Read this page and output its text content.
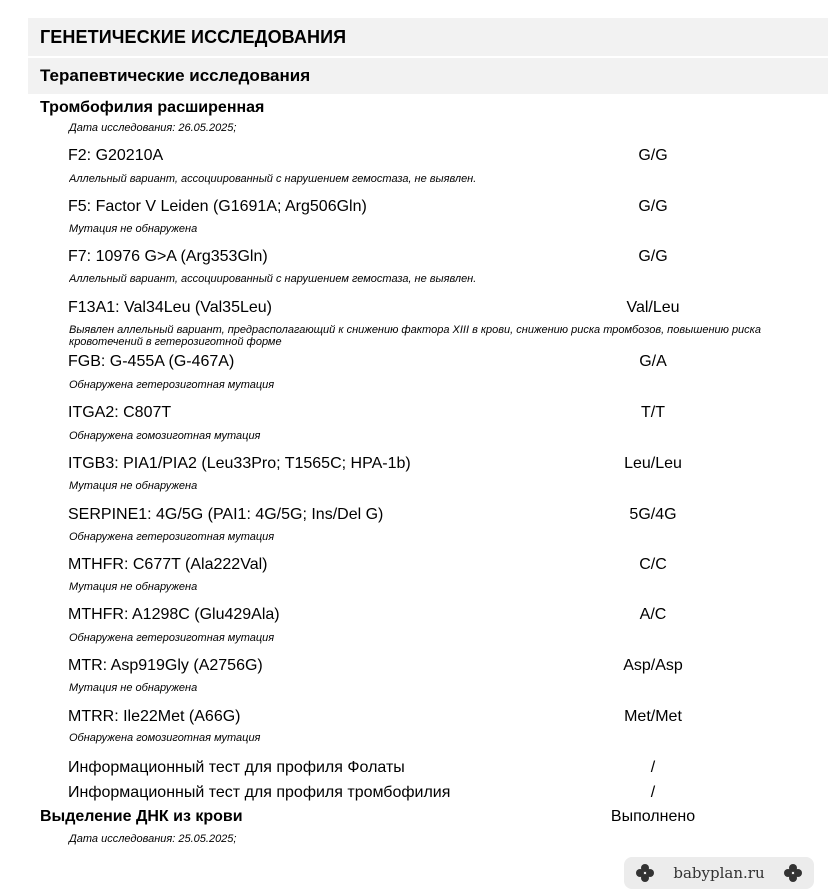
ГЕНЕТИЧЕСКИЕ ИССЛЕДОВАНИЯ
Терапевтические исследования
Тромбофилия расширенная
Дата исследования: 26.05.2025;
F2: G20210A	G/G
Аллельный вариант, ассоциированный с нарушением гемостаза, не выявлен.
F5: Factor V Leiden (G1691A; Arg506Gln)	G/G
Мутация не обнаружена
F7: 10976 G>A (Arg353Gln)	G/G
Аллельный вариант, ассоциированный с нарушением гемостаза, не выявлен.
F13A1: Val34Leu (Val35Leu)	Val/Leu
Выявлен аллельный вариант, предрасполагающий к снижению фактора XIII в крови, снижению риска тромбозов, повышению риска кровотечений в гетерозиготной форме
FGB: G-455A (G-467A)	G/A
Обнаружена гетерозиготная мутация
ITGA2: C807T	T/T
Обнаружена гомозиготная мутация
ITGB3: PIA1/PIA2 (Leu33Pro; T1565C; HPA-1b)	Leu/Leu
Мутация не обнаружена
SERPINE1: 4G/5G (PAI1: 4G/5G; Ins/Del G)	5G/4G
Обнаружена гетерозиготная мутация
MTHFR: C677T (Ala222Val)	C/C
Мутация не обнаружена
MTHFR: A1298C (Glu429Ala)	A/C
Обнаружена гетерозиготная мутация
MTR: Asp919Gly (A2756G)	Asp/Asp
Мутация не обнаружена
MTRR: Ile22Met (A66G)	Met/Met
Обнаружена гомозиготная мутация
Информационный тест для профиля Фолаты	/
Информационный тест для профиля тромбофилия	/
Выделение ДНК из крови	Выполнено
Дата исследования: 25.05.2025;
babyplan.ru
